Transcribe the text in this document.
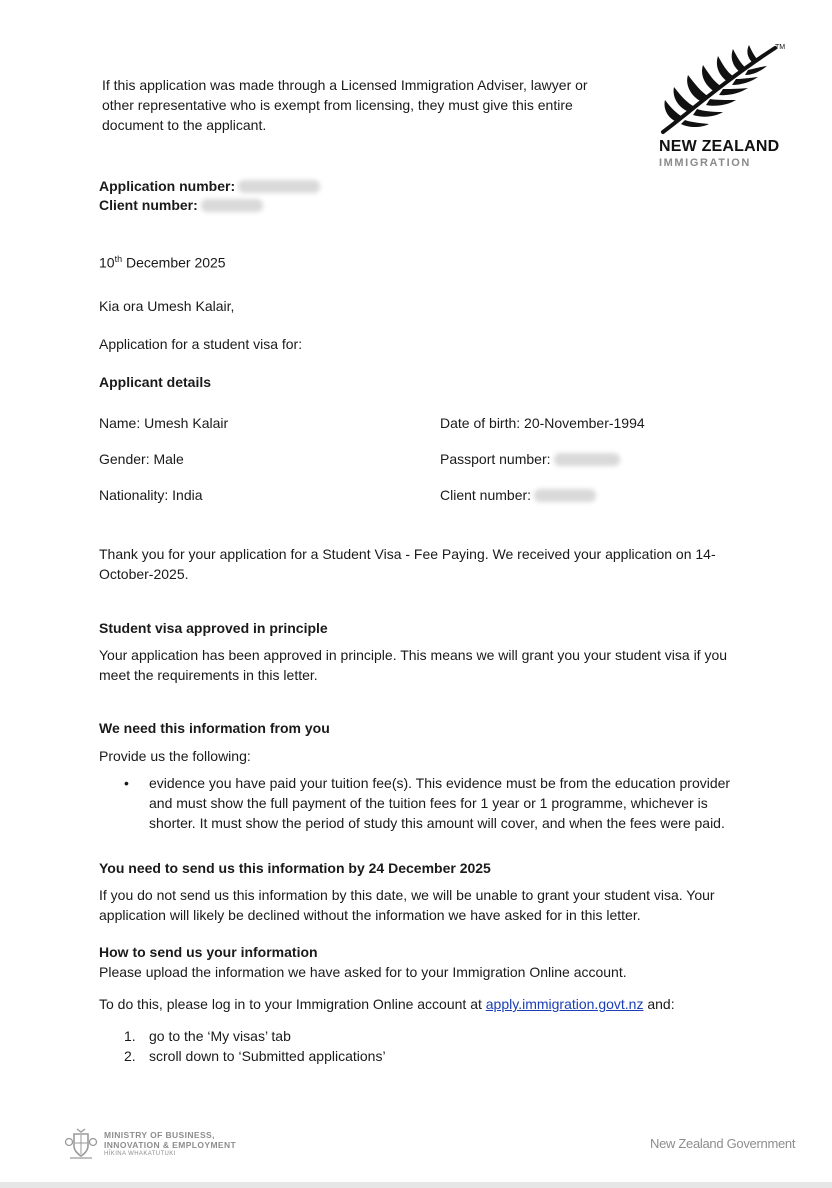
If this application was made through a Licensed Immigration Adviser, lawyer or other representative who is exempt from licensing, they must give this entire document to the applicant.
TM
NEW ZEALAND
IMMIGRATION
Application number:
Client number:
10th December 2025
Kia ora Umesh Kalair,
Application for a student visa for:
Applicant details
Name: Umesh Kalair	Date of birth: 20-November-1994
Gender: Male	Passport number:
Nationality: India	Client number:
Thank you for your application for a Student Visa - Fee Paying. We received your application on 14-October-2025.
Student visa approved in principle
Your application has been approved in principle. This means we will grant you your student visa if you meet the requirements in this letter.
We need this information from you
Provide us the following:
• evidence you have paid your tuition fee(s). This evidence must be from the education provider and must show the full payment of the tuition fees for 1 year or 1 programme, whichever is shorter. It must show the period of study this amount will cover, and when the fees were paid.
You need to send us this information by 24 December 2025
If you do not send us this information by this date, we will be unable to grant your student visa. Your application will likely be declined without the information we have asked for in this letter.
How to send us your information
Please upload the information we have asked for to your Immigration Online account.
To do this, please log in to your Immigration Online account at apply.immigration.govt.nz and:
1. go to the ‘My visas’ tab
2. scroll down to ‘Submitted applications’
MINISTRY OF BUSINESS,
INNOVATION & EMPLOYMENT
HĪKINA WHAKATUTUKI
New Zealand Government
